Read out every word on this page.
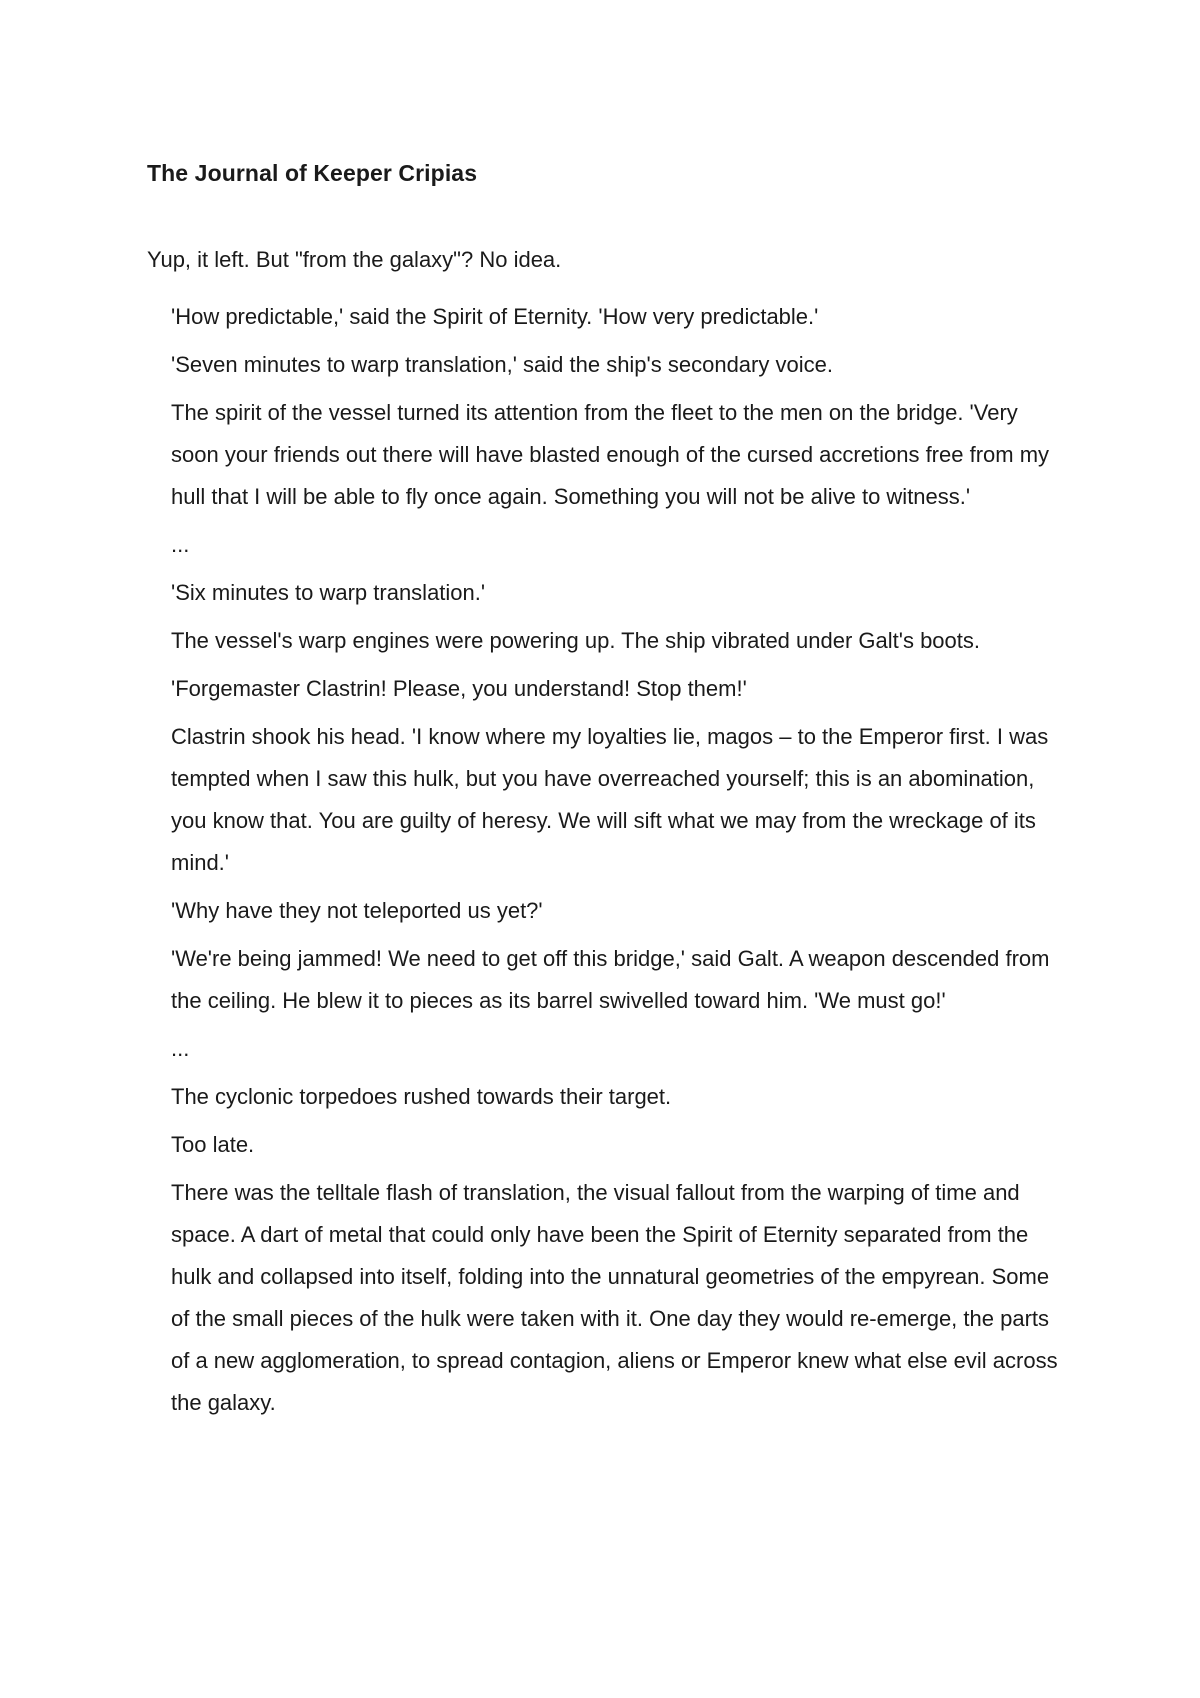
The Journal of Keeper Cripias

Yup, it left. But "from the galaxy"? No idea.

'How predictable,' said the Spirit of Eternity. 'How very predictable.'

'Seven minutes to warp translation,' said the ship's secondary voice.

The spirit of the vessel turned its attention from the fleet to the men on the bridge. 'Very soon your friends out there will have blasted enough of the cursed accretions free from my hull that I will be able to fly once again. Something you will not be alive to witness.'

...

'Six minutes to warp translation.'

The vessel's warp engines were powering up. The ship vibrated under Galt's boots.

'Forgemaster Clastrin! Please, you understand! Stop them!'

Clastrin shook his head. 'I know where my loyalties lie, magos – to the Emperor first. I was tempted when I saw this hulk, but you have overreached yourself; this is an abomination, you know that. You are guilty of heresy. We will sift what we may from the wreckage of its mind.'

'Why have they not teleported us yet?'

'We're being jammed! We need to get off this bridge,' said Galt. A weapon descended from the ceiling. He blew it to pieces as its barrel swivelled toward him. 'We must go!'

...

The cyclonic torpedoes rushed towards their target.

Too late.

There was the telltale flash of translation, the visual fallout from the warping of time and space. A dart of metal that could only have been the Spirit of Eternity separated from the hulk and collapsed into itself, folding into the unnatural geometries of the empyrean. Some of the small pieces of the hulk were taken with it. One day they would re-emerge, the parts of a new agglomeration, to spread contagion, aliens or Emperor knew what else evil across the galaxy.
